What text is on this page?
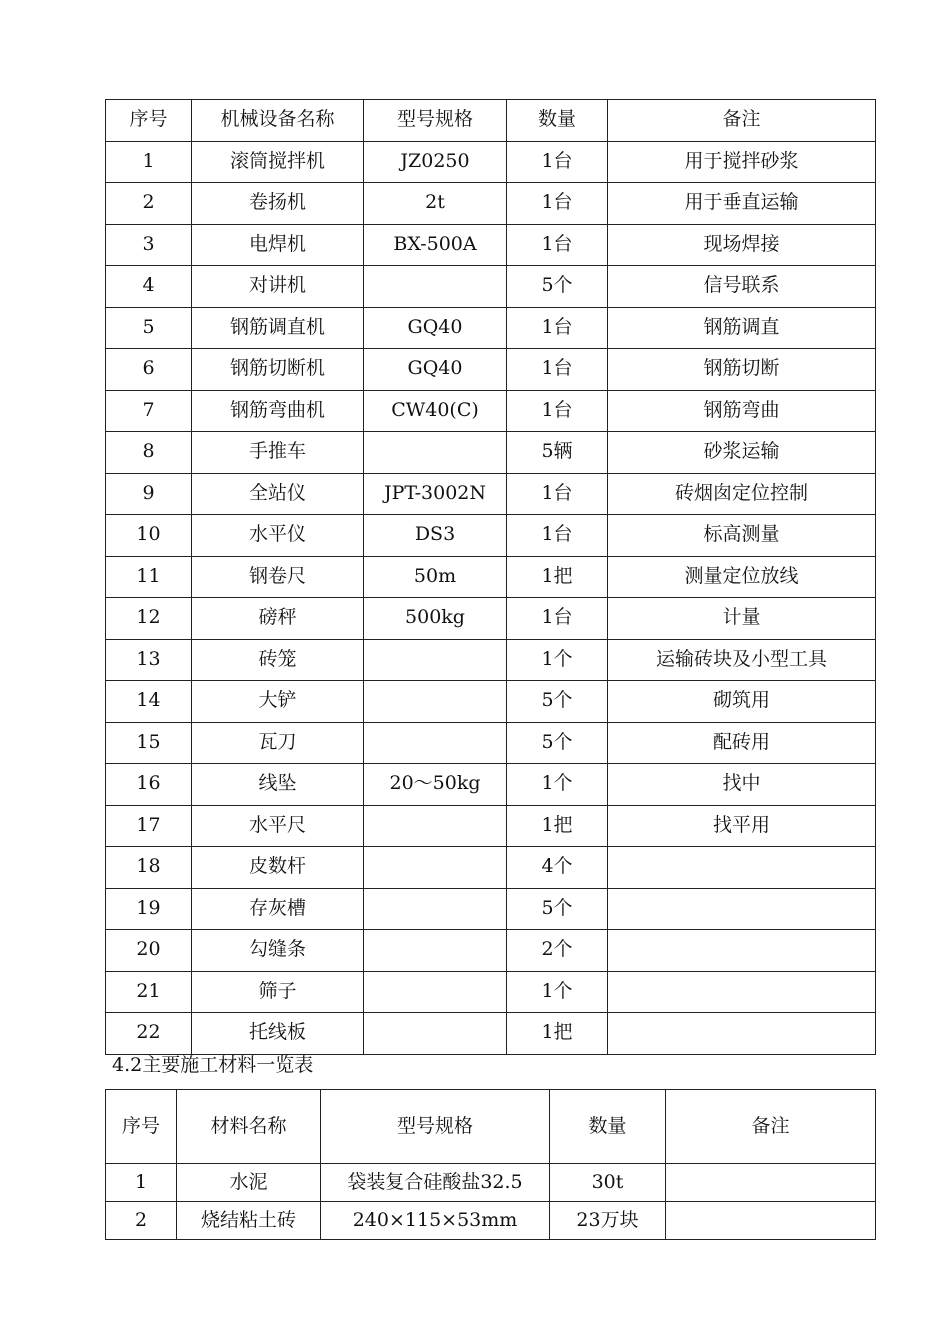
序号	机械设备名称	型号规格	数量	备注
1	滚筒搅拌机	JZ0250	1台	用于搅拌砂浆
2	卷扬机	2t	1台	用于垂直运输
3	电焊机	BX-500A	1台	现场焊接
4	对讲机		5个	信号联系
5	钢筋调直机	GQ40	1台	钢筋调直
6	钢筋切断机	GQ40	1台	钢筋切断
7	钢筋弯曲机	CW40(C)	1台	钢筋弯曲
8	手推车		5辆	砂浆运输
9	全站仪	JPT-3002N	1台	砖烟囱定位控制
10	水平仪	DS3	1台	标高测量
11	钢卷尺	50m	1把	测量定位放线
12	磅秤	500kg	1台	计量
13	砖笼		1个	运输砖块及小型工具
14	大铲		5个	砌筑用
15	瓦刀		5个	配砖用
16	线坠	20～50kg	1个	找中
17	水平尺		1把	找平用
18	皮数杆		4个	
19	存灰槽		5个	
20	勾缝条		2个	
21	筛子		1个	
22	托线板		1把	
4.2主要施工材料一览表
序号	材料名称	型号规格	数量	备注
1	水泥	袋装复合硅酸盐32.5	30t	
2	烧结粘土砖	240×115×53mm	23万块	
